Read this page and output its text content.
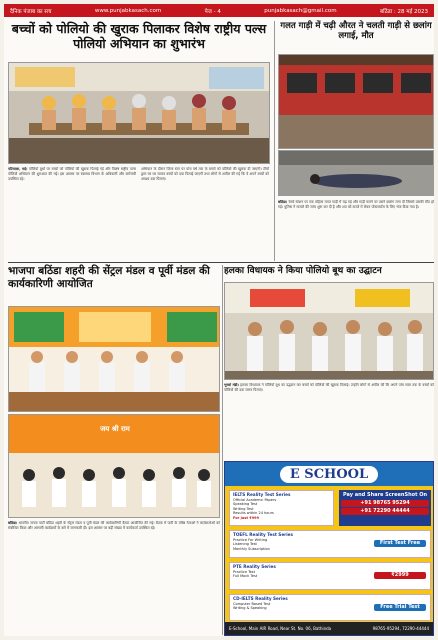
दैनिक पंजाब का सच	www.punjabkasach.com	पेज - 4	punjabkasach@gmail.com	बठिंडा : 28 मई 2023
बच्चों को पोलियो की खुराक पिलाकर विशेष राष्ट्रीय पल्स पोलियो अभियान का शुभारंभ
पटियाला, मई। पोलियो बूथों पर बच्चों को पोलियो की खुराक पिलाई गई और विशेष राष्ट्रीय पल्स पोलियो अभियान की शुरुआत की गई। इस अवसर पर स्वास्थ्य विभाग के अधिकारी और कर्मचारी उपस्थित रहे।
अभियान के दौरान जिला स्तर पर पांच वर्ष तक के बच्चों को पोलियो की खुराक दी जाएगी। टीमों द्वारा घर घर जाकर बच्चों को दवा पिलाई जाएगी तथा लोगों से अपील की गई कि वे अपने बच्चों को अवश्य दवा पिलाएं।
गलत गाड़ी में चढ़ी औरत ने चलती गाड़ी से छलांग लगाई, मौत
बठिंडा। रेलवे स्टेशन पर एक महिला गलत गाड़ी में चढ़ गई और गाड़ी चलने पर उसने छलांग लगा दी जिससे उसकी मौत हो गई। पुलिस ने मामले की जांच शुरू कर दी है और शव को कब्जे में लेकर पोस्टमार्टम के लिए भेज दिया गया है।
भाजपा बठिंडा शहरी की सेंट्रल मंडल व पूर्वी मंडल की कार्यकारिणी आयोजित
जय श्री राम
बठिंडा। भारतीय जनता पार्टी बठिंडा शहरी के सेंट्रल मंडल व पूर्वी मंडल की कार्यकारिणी बैठक आयोजित की गई। बैठक में पार्टी के वरिष्ठ नेताओं ने कार्यकर्ताओं को संबोधित किया और आगामी कार्यक्रमों के बारे में जानकारी दी। इस अवसर पर बड़ी संख्या में कार्यकर्ता उपस्थित रहे।
हलका विधायक ने किया पोलियो बूथ का उद्घाटन
भुच्चो मंडी। हलका विधायक ने पोलियो बूथ का उद्घाटन कर बच्चों को पोलियो की खुराक पिलाई। उन्होंने लोगों से अपील की कि अपने पांच साल तक के बच्चों को पोलियो की दवा जरूर पिलाएं।
E SCHOOL
IELTS Reality Test Series
Official Academic Papers
Speaking Test
Writing Test
Results within 24 hours
For just ₹999
Pay and Share ScreenShot On
+91 98765 95294
+91 72290 44444
TOEFL Reality Test Series
Practice For Writing
Listening Test
Monthly Subscription
First Test Free
PTE Reality Series
Practice Test
Full Mock Test	₹2999
CD-IELTS Reality Series
Computer Based Test
Writing & Speaking	Free Trial Test
E-School, Main AIR Road, Near St. No. 06, Bathinda	98765-95294, 72290-44444
